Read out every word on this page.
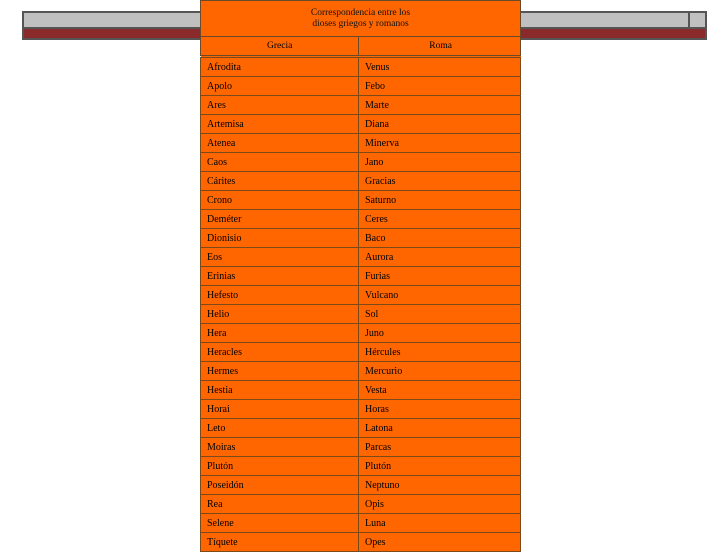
Correspondencia entre los dioses griegos y romanos	

Grecia	Roma

Afrodita	Venus
Apolo	Febo
Ares	Marte
Artemisa	Diana
Atenea	Minerva
Caos	Jano
Cárites	Gracias
Crono	Saturno
Deméter	Ceres
Dionisio	Baco
Eos	Aurora
Erinias	Furias
Hefesto	Vulcano
Helio	Sol
Hera	Juno
Heracles	Hércules
Hermes	Mercurio
Hestia	Vesta
Horai	Horas
Leto	Latona
Moiras	Parcas
Plutón	Plutón
Poseidón	Neptuno
Rea	Opis
Selene	Luna
Tíquete	Opes
